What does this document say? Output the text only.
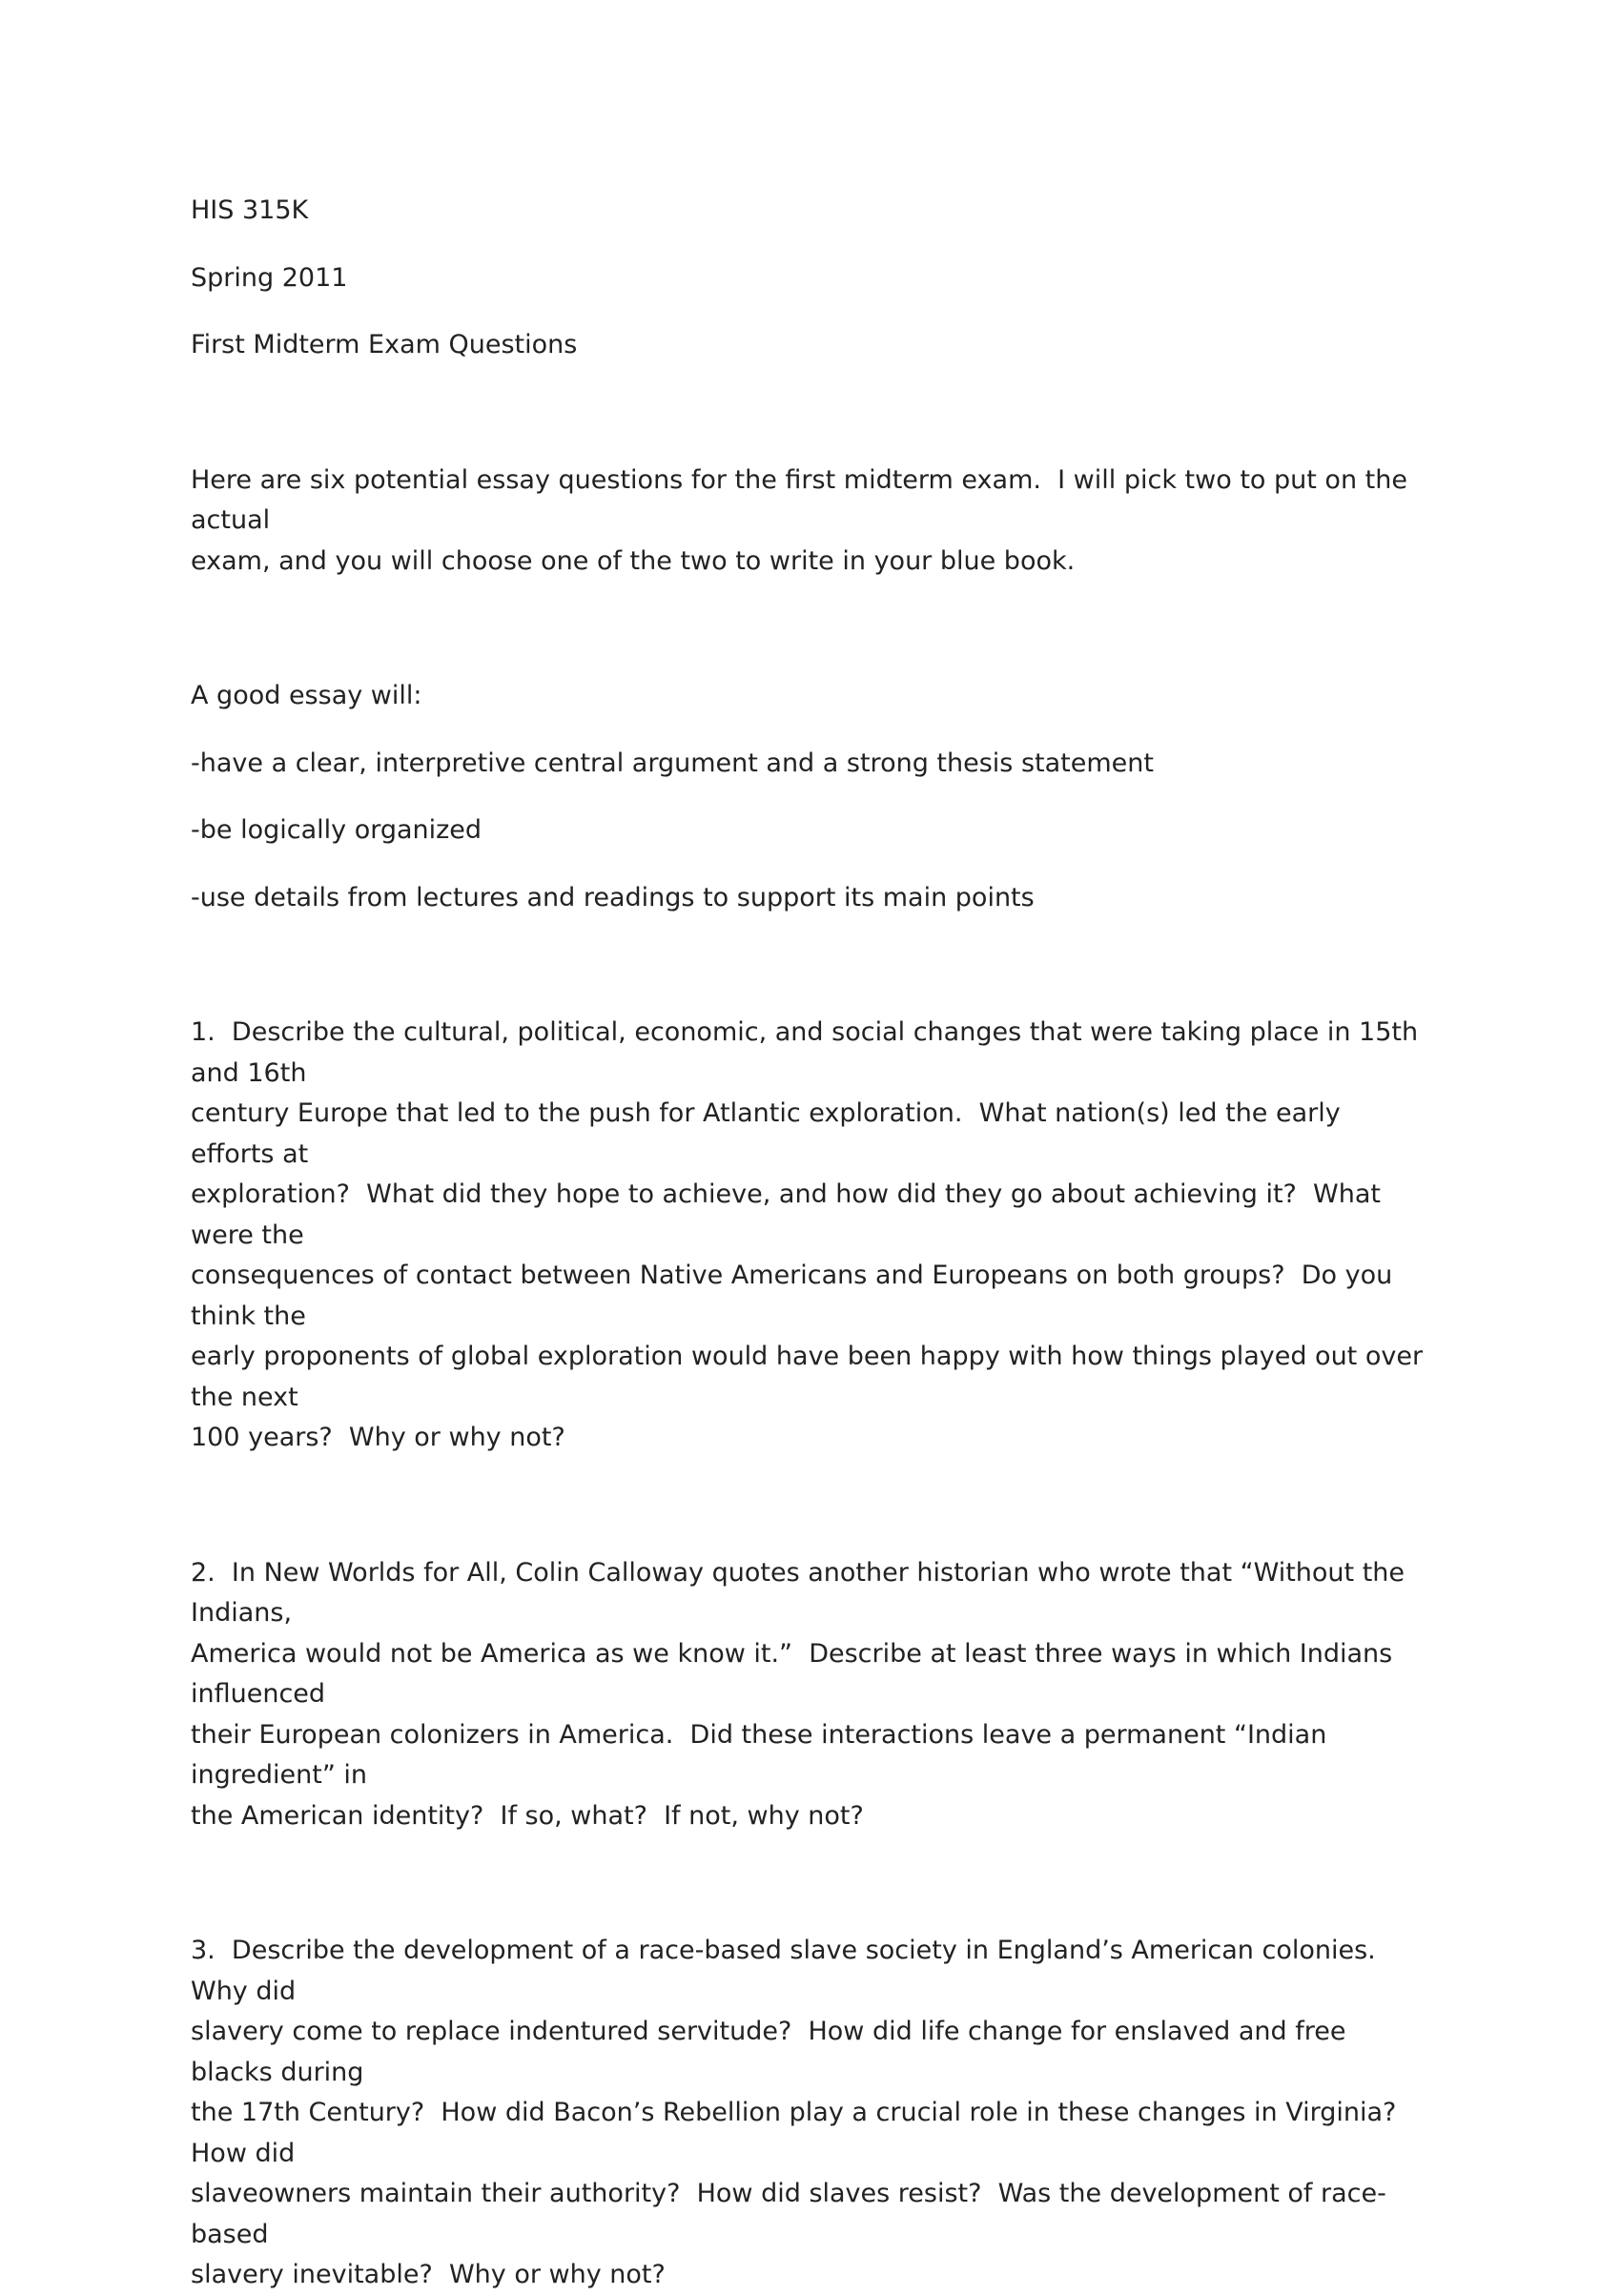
HIS 315K

Spring 2011

First Midterm Exam Questions

Here are six potential essay questions for the first midterm exam.  I will pick two to put on the actual
exam, and you will choose one of the two to write in your blue book.

A good essay will:

-have a clear, interpretive central argument and a strong thesis statement

-be logically organized

-use details from lectures and readings to support its main points

1.  Describe the cultural, political, economic, and social changes that were taking place in 15th and 16th
century Europe that led to the push for Atlantic exploration.  What nation(s) led the early efforts at
exploration?  What did they hope to achieve, and how did they go about achieving it?  What were the
consequences of contact between Native Americans and Europeans on both groups?  Do you think the
early proponents of global exploration would have been happy with how things played out over the next
100 years?  Why or why not?

2.  In New Worlds for All, Colin Calloway quotes another historian who wrote that “Without the Indians,
America would not be America as we know it.”  Describe at least three ways in which Indians influenced
their European colonizers in America.  Did these interactions leave a permanent “Indian ingredient” in
the American identity?  If so, what?  If not, why not?

3.  Describe the development of a race-based slave society in England’s American colonies.  Why did
slavery come to replace indentured servitude?  How did life change for enslaved and free blacks during
the 17th Century?  How did Bacon’s Rebellion play a crucial role in these changes in Virginia?  How did
slaveowners maintain their authority?  How did slaves resist?  Was the development of race-based
slavery inevitable?  Why or why not?
